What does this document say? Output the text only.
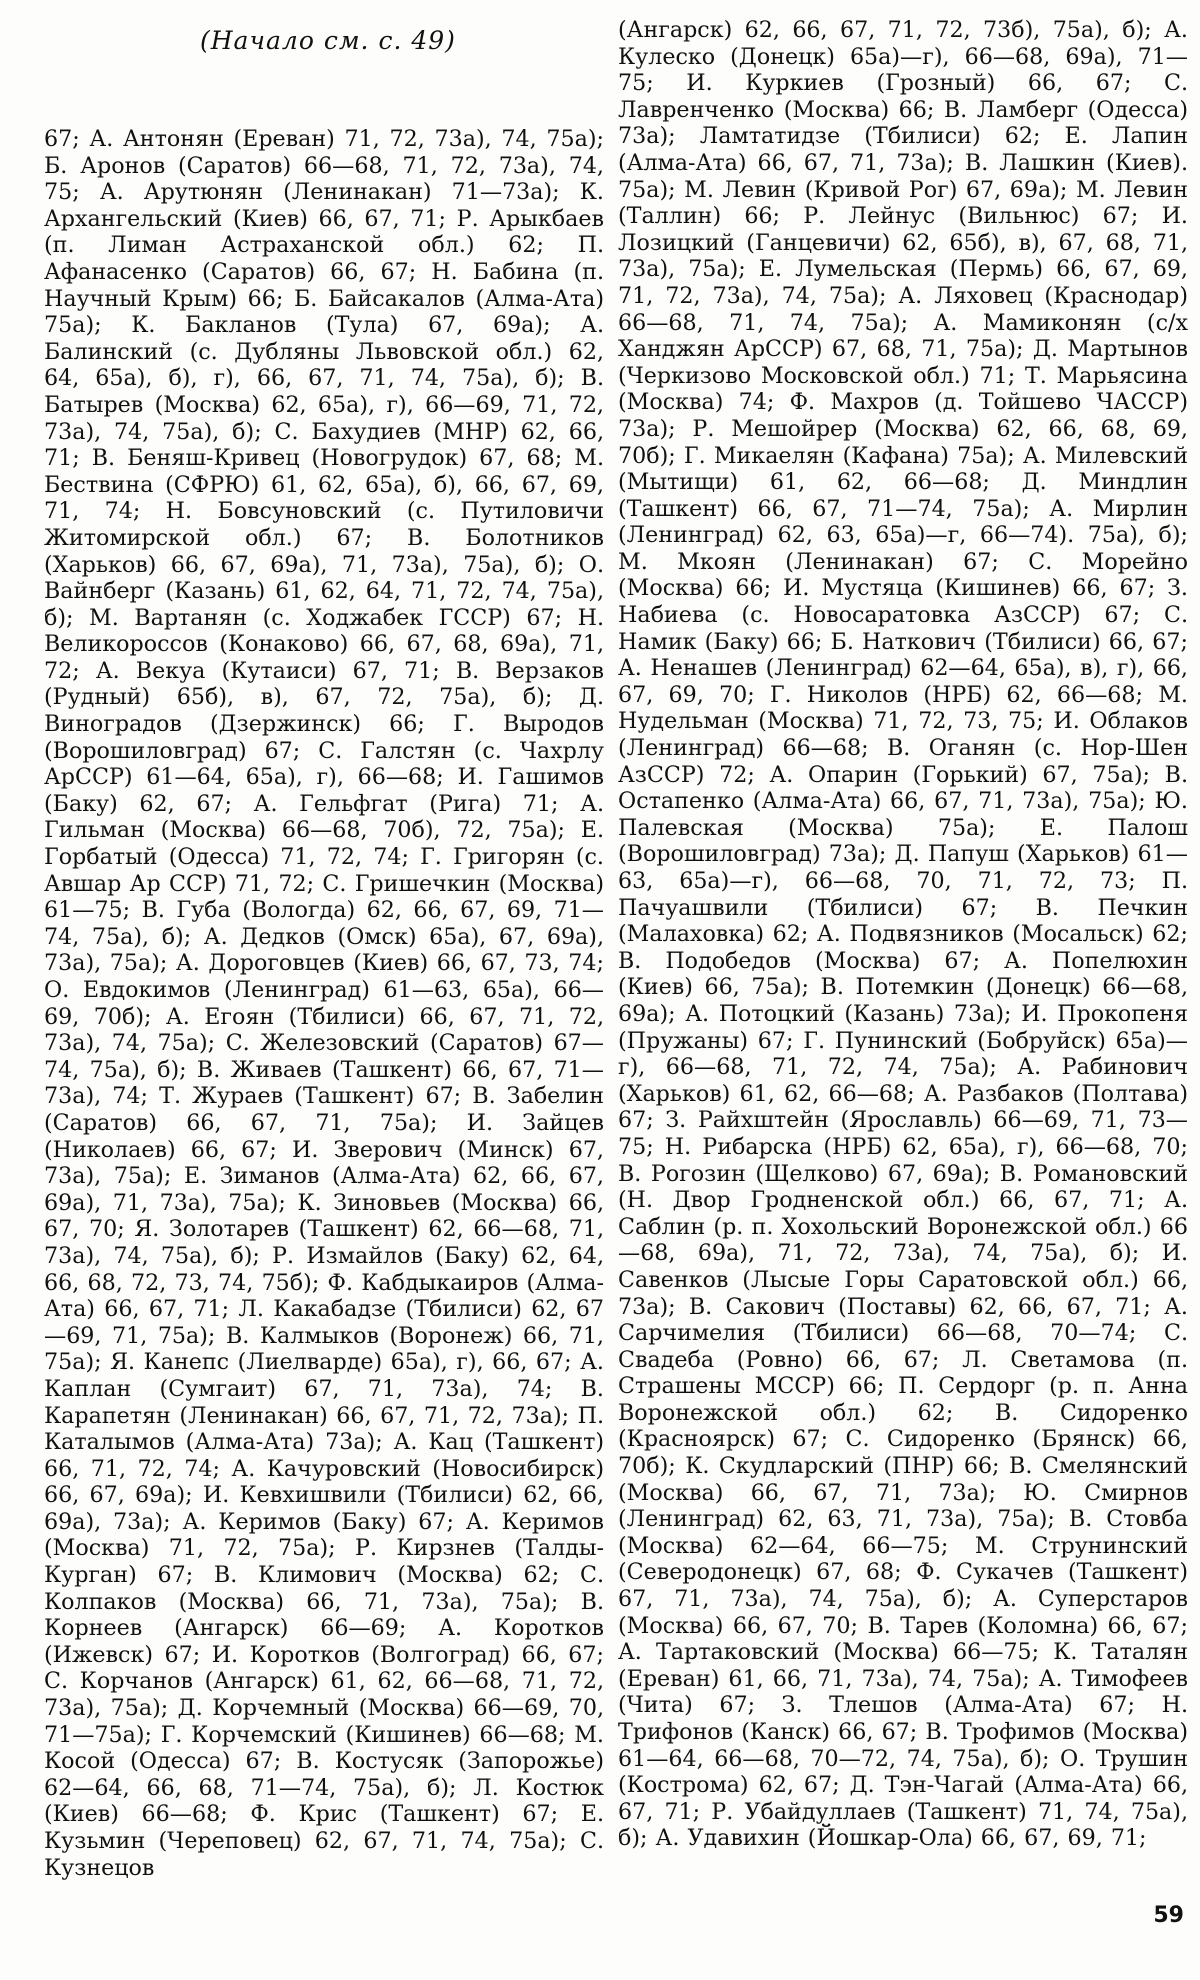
(Начало см. с. 49)

67; А. Антонян (Ереван) 71, 72, 73а), 74, 75а); Б. Аронов (Саратов) 66—68, 71, 72, 73а), 74, 75; А. Арутюнян (Ленинакан) 71—73а); К. Архангельский (Киев) 66, 67, 71; Р. Арыкбаев (п. Лиман Астраханской обл.) 62; П. Афанасенко (Саратов) 66, 67; Н. Бабина (п. Научный Крым) 66; Б. Байсакалов (Алма-Ата) 75а); К. Бакланов (Тула) 67, 69а); А. Балинский (с. Дубляны Львовской обл.) 62, 64, 65а), б), г), 66, 67, 71, 74, 75а), б); В. Батырев (Москва) 62, 65а), г), 66—69, 71, 72, 73а), 74, 75а), б); С. Бахудиев (МНР) 62, 66, 71; В. Беняш-Кривец (Новогрудок) 67, 68; М. Бествина (СФРЮ) 61, 62, 65а), б), 66, 67, 69, 71, 74; Н. Бовсуновский (с. Путиловичи Житомирской обл.) 67; В. Болотников (Харьков) 66, 67, 69а), 71, 73а), 75а), б); О. Вайнберг (Казань) 61, 62, 64, 71, 72, 74, 75а), б); М. Вартанян (с. Ходжабек ГССР) 67; Н. Великороссов (Конаково) 66, 67, 68, 69а), 71, 72; А. Векуа (Кутаиси) 67, 71; В. Верзаков (Рудный) 65б), в), 67, 72, 75а), б); Д. Виноградов (Дзержинск) 66; Г. Выродов (Ворошиловград) 67; С. Галстян (с. Чахрлу АрССР) 61—64, 65а), г), 66—68; И. Гашимов (Баку) 62, 67; А. Гельфгат (Рига) 71; А. Гильман (Москва) 66—68, 70б), 72, 75а); Е. Горбатый (Одесса) 71, 72, 74; Г. Григорян (с. Авшар Ар ССР) 71, 72; С. Гришечкин (Москва) 61—75; В. Губа (Вологда) 62, 66, 67, 69, 71—74, 75а), б); А. Дедков (Омск) 65а), 67, 69а), 73а), 75а); А. Дороговцев (Киев) 66, 67, 73, 74; О. Евдокимов (Ленинград) 61—63, 65а), 66—69, 70б); А. Егоян (Тбилиси) 66, 67, 71, 72, 73а), 74, 75а); С. Железовский (Саратов) 67—74, 75а), б); В. Живаев (Ташкент) 66, 67, 71—73а), 74; Т. Жураев (Ташкент) 67; В. Забелин (Саратов) 66, 67, 71, 75а); И. Зайцев (Николаев) 66, 67; И. Зверович (Минск) 67, 73а), 75а); Е. Зиманов (Алма-Ата) 62, 66, 67, 69а), 71, 73а), 75а); К. Зиновьев (Москва) 66, 67, 70; Я. Золотарев (Ташкент) 62, 66—68, 71, 73а), 74, 75а), б); Р. Измайлов (Баку) 62, 64, 66, 68, 72, 73, 74, 75б); Ф. Кабдыкаиров (Алма-Ата) 66, 67, 71; Л. Какабадзе (Тбилиси) 62, 67—69, 71, 75а); В. Калмыков (Воронеж) 66, 71, 75а); Я. Канепс (Лиелварде) 65а), г), 66, 67; А. Каплан (Сумгаит) 67, 71, 73а), 74; В. Карапетян (Ленинакан) 66, 67, 71, 72, 73а); П. Каталымов (Алма-Ата) 73а); А. Кац (Ташкент) 66, 71, 72, 74; А. Качуровский (Новосибирск) 66, 67, 69а); И. Кевхишвили (Тбилиси) 62, 66, 69а), 73а); А. Керимов (Баку) 67; А. Керимов (Москва) 71, 72, 75а); Р. Кирзнев (Талды-Курган) 67; В. Климович (Москва) 62; С. Колпаков (Москва) 66, 71, 73а), 75а); В. Корнеев (Ангарск) 66—69; А. Коротков (Ижевск) 67; И. Коротков (Волгоград) 66, 67; С. Корчанов (Ангарск) 61, 62, 66—68, 71, 72, 73а), 75а); Д. Корчемный (Москва) 66—69, 70, 71—75а); Г. Корчемский (Кишинев) 66—68; М. Косой (Одесса) 67; В. Костусяк (Запорожье) 62—64, 66, 68, 71—74, 75а), б); Л. Костюк (Киев) 66—68; Ф. Крис (Ташкент) 67; Е. Кузьмин (Череповец) 62, 67, 71, 74, 75а); С. Кузнецов

(Ангарск) 62, 66, 67, 71, 72, 73б), 75а), б); А. Кулеско (Донецк) 65а)—г), 66—68, 69а), 71—75; И. Куркиев (Грозный) 66, 67; С. Лавренченко (Москва) 66; В. Ламберг (Одесса) 73а); Ламтатидзе (Тбилиси) 62; Е. Лапин (Алма-Ата) 66, 67, 71, 73а); В. Лашкин (Киев). 75а); М. Левин (Кривой Рог) 67, 69а); М. Левин (Таллин) 66; Р. Лейнус (Вильнюс) 67; И. Лозицкий (Ганцевичи) 62, 65б), в), 67, 68, 71, 73а), 75а); Е. Лумельская (Пермь) 66, 67, 69, 71, 72, 73а), 74, 75а); А. Ляховец (Краснодар) 66—68, 71, 74, 75а); А. Мамиконян (с/х Ханджян АрССР) 67, 68, 71, 75а); Д. Мартынов (Черкизово Московской обл.) 71; Т. Марьясина (Москва) 74; Ф. Махров (д. Тойшево ЧАССР) 73а); Р. Мешойрер (Москва) 62, 66, 68, 69, 70б); Г. Микаелян (Кафана) 75а); А. Милевский (Мытищи) 61, 62, 66—68; Д. Миндлин (Ташкент) 66, 67, 71—74, 75а); А. Мирлин (Ленинград) 62, 63, 65а)—г, 66—74). 75а), б); М. Мкоян (Ленинакан) 67; С. Морейно (Москва) 66; И. Мустяца (Кишинев) 66, 67; З. Набиева (с. Новосаратовка АзССР) 67; С. Намик (Баку) 66; Б. Наткович (Тбилиси) 66, 67; А. Ненашев (Ленинград) 62—64, 65а), в), г), 66, 67, 69, 70; Г. Николов (НРБ) 62, 66—68; М. Нудельман (Москва) 71, 72, 73, 75; И. Облаков (Ленинград) 66—68; В. Оганян (с. Нор-Шен АзССР) 72; А. Опарин (Горький) 67, 75а); В. Остапенко (Алма-Ата) 66, 67, 71, 73а), 75а); Ю. Палевская (Москва) 75а); Е. Палош (Ворошиловград) 73а); Д. Папуш (Харьков) 61—63, 65а)—г), 66—68, 70, 71, 72, 73; П. Пачуашвили (Тбилиси) 67; В. Печкин (Малаховка) 62; А. Подвязников (Мосальск) 62; В. Подобедов (Москва) 67; А. Попелюхин (Киев) 66, 75а); В. Потемкин (Донецк) 66—68, 69а); А. Потоцкий (Казань) 73а); И. Прокопеня (Пружаны) 67; Г. Пунинский (Бобруйск) 65а)—г), 66—68, 71, 72, 74, 75а); А. Рабинович (Харьков) 61, 62, 66—68; А. Разбаков (Полтава) 67; З. Райхштейн (Ярославль) 66—69, 71, 73—75; Н. Рибарска (НРБ) 62, 65а), г), 66—68, 70; В. Рогозин (Щелково) 67, 69а); В. Романовский (Н. Двор Гродненской обл.) 66, 67, 71; А. Саблин (р. п. Хохольский Воронежской обл.) 66—68, 69а), 71, 72, 73а), 74, 75а), б); И. Савенков (Лысые Горы Саратовской обл.) 66, 73а); В. Сакович (Поставы) 62, 66, 67, 71; А. Сарчимелия (Тбилиси) 66—68, 70—74; С. Свадеба (Ровно) 66, 67; Л. Светамова (п. Страшены МССР) 66; П. Сердорг (р. п. Анна Воронежской обл.) 62; В. Сидоренко (Красноярск) 67; С. Сидоренко (Брянск) 66, 70б); К. Скудларский (ПНР) 66; В. Смелянский (Москва) 66, 67, 71, 73а); Ю. Смирнов (Ленинград) 62, 63, 71, 73а), 75а); В. Стовба (Москва) 62—64, 66—75; М. Струнинский (Северодонецк) 67, 68; Ф. Сукачев (Ташкент) 67, 71, 73а), 74, 75а), б); А. Суперстаров (Москва) 66, 67, 70; В. Тарев (Коломна) 66, 67; А. Тартаковский (Москва) 66—75; К. Таталян (Ереван) 61, 66, 71, 73а), 74, 75а); А. Тимофеев (Чита) 67; З. Тлешов (Алма-Ата) 67; Н. Трифонов (Канск) 66, 67; В. Трофимов (Москва) 61—64, 66—68, 70—72, 74, 75а), б); О. Трушин (Кострома) 62, 67; Д. Тэн-Чагай (Алма-Ата) 66, 67, 71; Р. Убайдуллаев (Ташкент) 71, 74, 75а), б); А. Удавихин (Йошкар-Ола) 66, 67, 69, 71;

59
